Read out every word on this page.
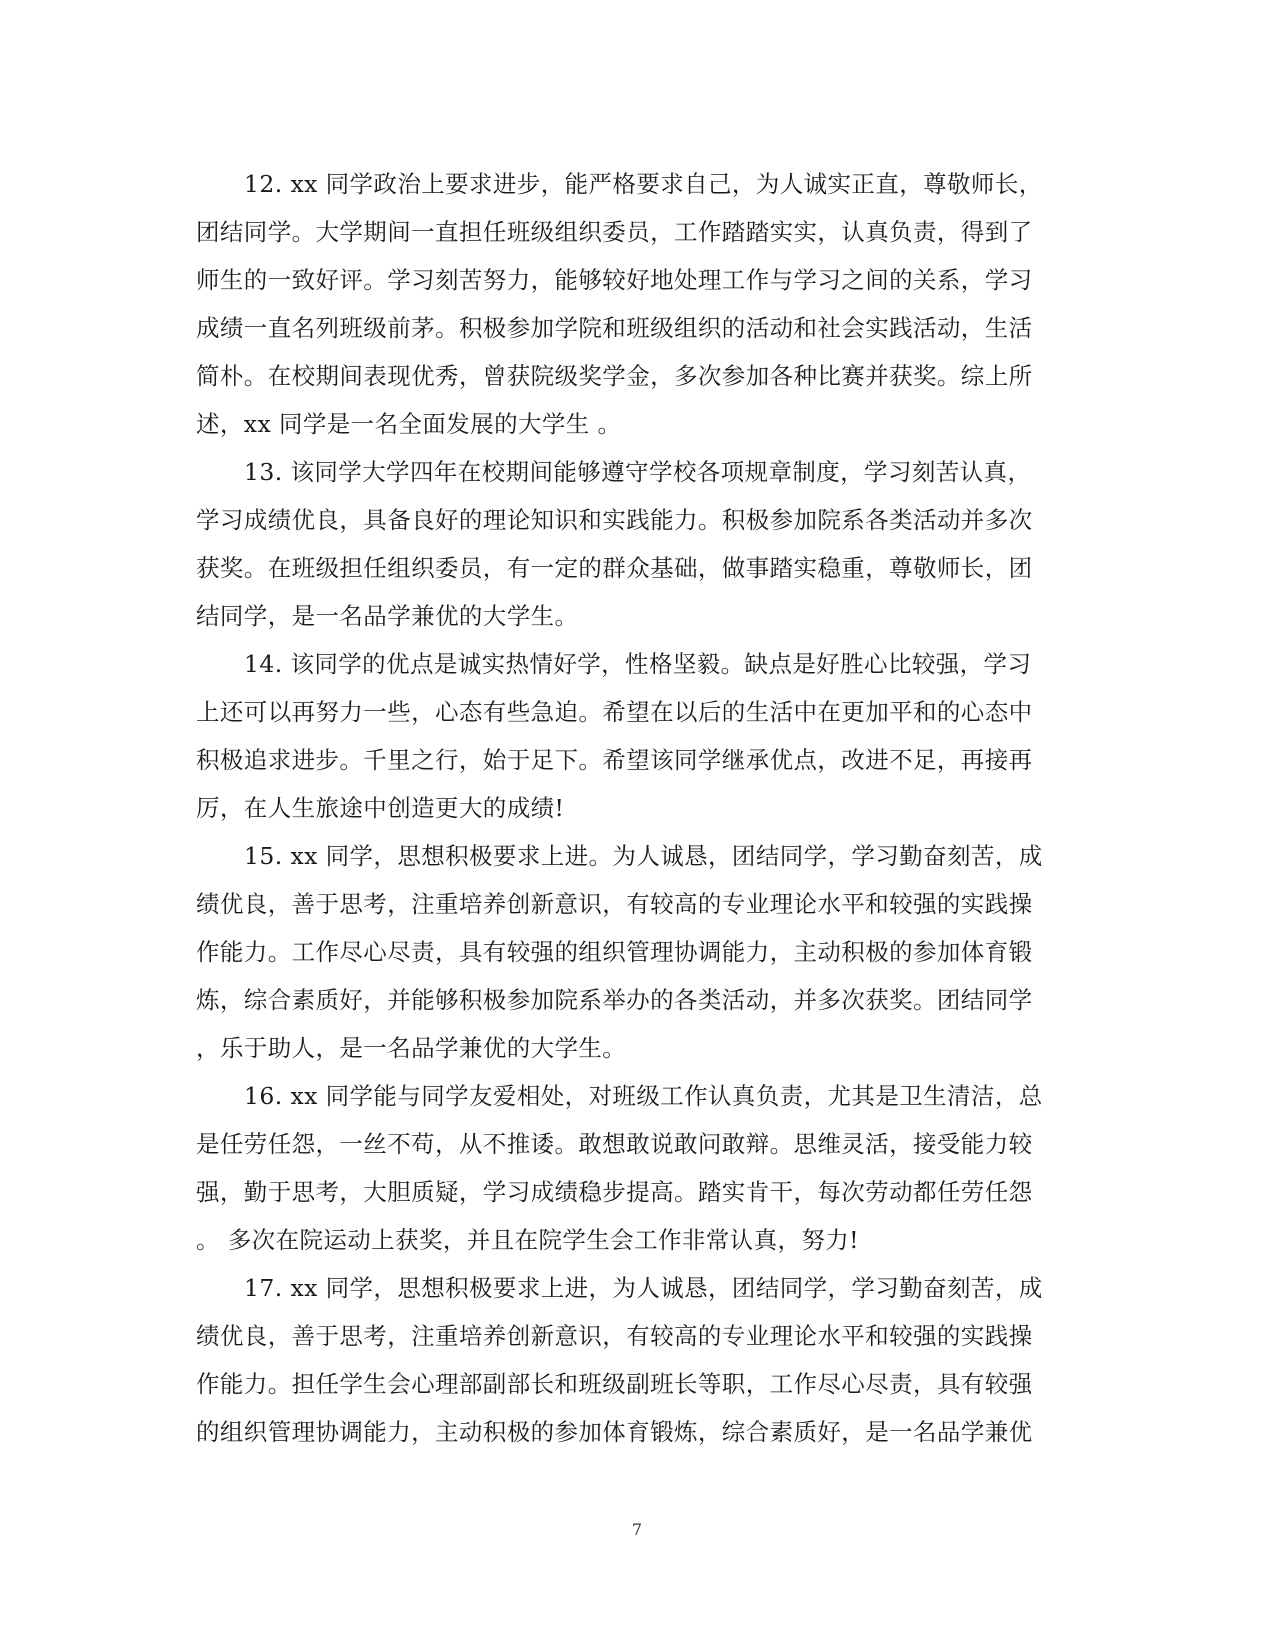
12. xx 同学政治上要求进步，能严格要求自己，为人诚实正直，尊敬师长，
团结同学。大学期间一直担任班级组织委员，工作踏踏实实，认真负责，得到了
师生的一致好评。学习刻苦努力，能够较好地处理工作与学习之间的关系，学习
成绩一直名列班级前茅。积极参加学院和班级组织的活动和社会实践活动，生活
简朴。在校期间表现优秀，曾获院级奖学金，多次参加各种比赛并获奖。综上所
述，xx 同学是一名全面发展的大学生 。
13. 该同学大学四年在校期间能够遵守学校各项规章制度，学习刻苦认真，
学习成绩优良，具备良好的理论知识和实践能力。积极参加院系各类活动并多次
获奖。在班级担任组织委员，有一定的群众基础，做事踏实稳重，尊敬师长，团
结同学，是一名品学兼优的大学生。
14. 该同学的优点是诚实热情好学，性格坚毅。缺点是好胜心比较强，学习
上还可以再努力一些，心态有些急迫。希望在以后的生活中在更加平和的心态中
积极追求进步。千里之行，始于足下。希望该同学继承优点，改进不足，再接再
厉，在人生旅途中创造更大的成绩!
15. xx 同学，思想积极要求上进。为人诚恳，团结同学，学习勤奋刻苦，成
绩优良，善于思考，注重培养创新意识，有较高的专业理论水平和较强的实践操
作能力。工作尽心尽责，具有较强的组织管理协调能力，主动积极的参加体育锻
炼，综合素质好，并能够积极参加院系举办的各类活动，并多次获奖。团结同学
，乐于助人，是一名品学兼优的大学生。
16. xx 同学能与同学友爱相处，对班级工作认真负责，尤其是卫生清洁，总
是任劳任怨，一丝不苟，从不推诿。敢想敢说敢问敢辩。思维灵活，接受能力较
强，勤于思考，大胆质疑，学习成绩稳步提高。踏实肯干，每次劳动都任劳任怨
。 多次在院运动上获奖，并且在院学生会工作非常认真，努力!
17. xx 同学，思想积极要求上进，为人诚恳，团结同学，学习勤奋刻苦，成
绩优良，善于思考，注重培养创新意识，有较高的专业理论水平和较强的实践操
作能力。担任学生会心理部副部长和班级副班长等职，工作尽心尽责，具有较强
的组织管理协调能力，主动积极的参加体育锻炼，综合素质好，是一名品学兼优
7
